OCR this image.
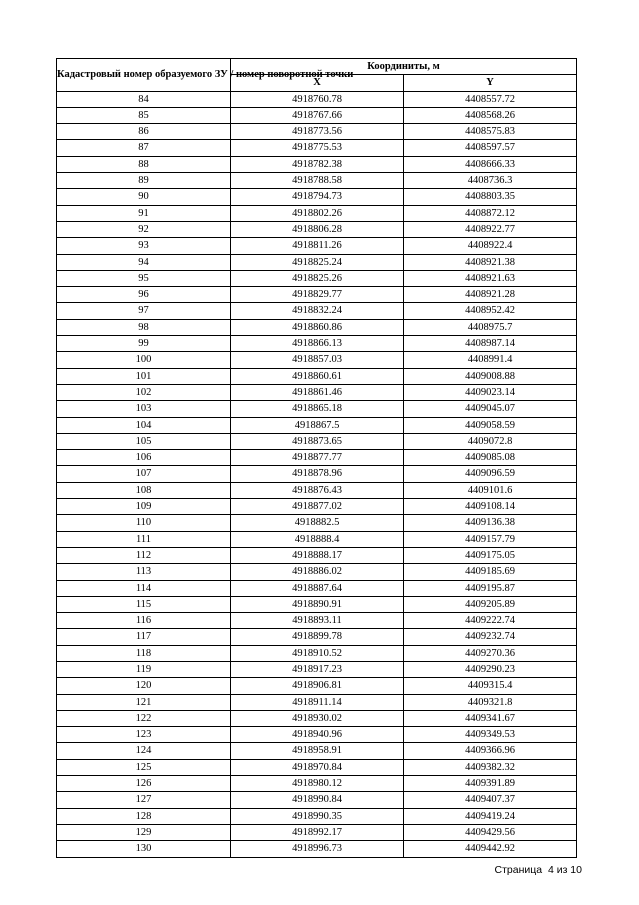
Кадастровый номер образуемого ЗУ / номер поворотной точки	Координиты, м	
	X	Y
84	4918760.78	4408557.72
85	4918767.66	4408568.26
86	4918773.56	4408575.83
87	4918775.53	4408597.57
88	4918782.38	4408666.33
89	4918788.58	4408736.3
90	4918794.73	4408803.35
91	4918802.26	4408872.12
92	4918806.28	4408922.77
93	4918811.26	4408922.4
94	4918825.24	4408921.38
95	4918825.26	4408921.63
96	4918829.77	4408921.28
97	4918832.24	4408952.42
98	4918860.86	4408975.7
99	4918866.13	4408987.14
100	4918857.03	4408991.4
101	4918860.61	4409008.88
102	4918861.46	4409023.14
103	4918865.18	4409045.07
104	4918867.5	4409058.59
105	4918873.65	4409072.8
106	4918877.77	4409085.08
107	4918878.96	4409096.59
108	4918876.43	4409101.6
109	4918877.02	4409108.14
110	4918882.5	4409136.38
111	4918888.4	4409157.79
112	4918888.17	4409175.05
113	4918886.02	4409185.69
114	4918887.64	4409195.87
115	4918890.91	4409205.89
116	4918893.11	4409222.74
117	4918899.78	4409232.74
118	4918910.52	4409270.36
119	4918917.23	4409290.23
120	4918906.81	4409315.4
121	4918911.14	4409321.8
122	4918930.02	4409341.67
123	4918940.96	4409349.53
124	4918958.91	4409366.96
125	4918970.84	4409382.32
126	4918980.12	4409391.89
127	4918990.84	4409407.37
128	4918990.35	4409419.24
129	4918992.17	4409429.56
130	4918996.73	4409442.92
Страница  4 из 10
